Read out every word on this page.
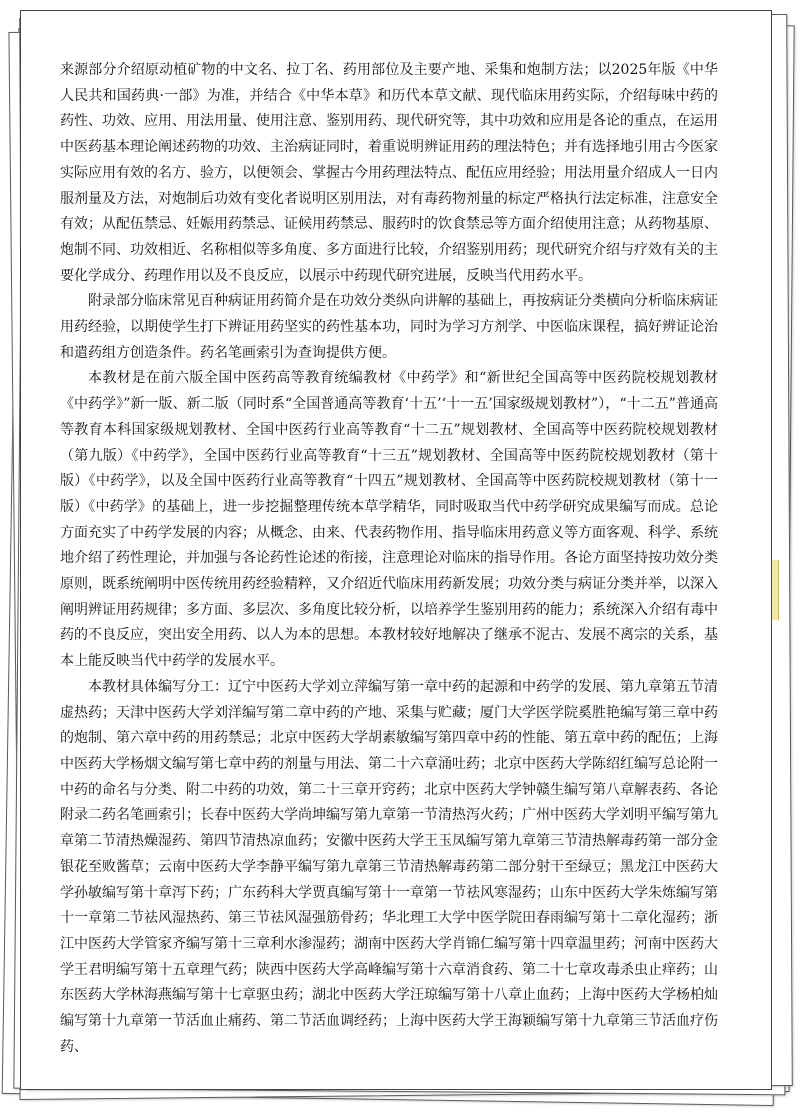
来源部分介绍原动植矿物的中文名、拉丁名、药用部位及主要产地、采集和炮制方法；以2025年版《中华人民共和国药典·一部》为准，并结合《中华本草》和历代本草文献、现代临床用药实际，介绍每味中药的药性、功效、应用、用法用量、使用注意、鉴别用药、现代研究等，其中功效和应用是各论的重点，在运用中医药基本理论阐述药物的功效、主治病证同时，着重说明辨证用药的理法特色；并有选择地引用古今医家实际应用有效的名方、验方，以便领会、掌握古今用药理法特点、配伍应用经验；用法用量介绍成人一日内服剂量及方法，对炮制后功效有变化者说明区别用法，对有毒药物剂量的标定严格执行法定标准，注意安全有效；从配伍禁忌、妊娠用药禁忌、证候用药禁忌、服药时的饮食禁忌等方面介绍使用注意；从药物基原、炮制不同、功效相近、名称相似等多角度、多方面进行比较，介绍鉴别用药；现代研究介绍与疗效有关的主要化学成分、药理作用以及不良反应，以展示中药现代研究进展，反映当代用药水平。

附录部分临床常见百种病证用药简介是在功效分类纵向讲解的基础上，再按病证分类横向分析临床病证用药经验，以期使学生打下辨证用药坚实的药性基本功，同时为学习方剂学、中医临床课程，搞好辨证论治和遣药组方创造条件。药名笔画索引为查询提供方便。

本教材是在前六版全国中医药高等教育统编教材《中药学》和“新世纪全国高等中医药院校规划教材《中药学》”新一版、新二版（同时系“全国普通高等教育‘十五’‘十一五’国家级规划教材”），“十二五”普通高等教育本科国家级规划教材、全国中医药行业高等教育“十二五”规划教材、全国高等中医药院校规划教材（第九版）《中药学》，全国中医药行业高等教育“十三五”规划教材、全国高等中医药院校规划教材（第十版）《中药学》，以及全国中医药行业高等教育“十四五”规划教材、全国高等中医药院校规划教材（第十一版）《中药学》的基础上，进一步挖掘整理传统本草学精华，同时吸取当代中药学研究成果编写而成。总论方面充实了中药学发展的内容；从概念、由来、代表药物作用、指导临床用药意义等方面客观、科学、系统地介绍了药性理论，并加强与各论药性论述的衔接，注意理论对临床的指导作用。各论方面坚持按功效分类原则，既系统阐明中医传统用药经验精粹，又介绍近代临床用药新发展；功效分类与病证分类并举，以深入阐明辨证用药规律；多方面、多层次、多角度比较分析，以培养学生鉴别用药的能力；系统深入介绍有毒中药的不良反应，突出安全用药、以人为本的思想。本教材较好地解决了继承不泥古、发展不离宗的关系，基本上能反映当代中药学的发展水平。

本教材具体编写分工：辽宁中医药大学刘立萍编写第一章中药的起源和中药学的发展、第九章第五节清虚热药；天津中医药大学刘洋编写第二章中药的产地、采集与贮藏；厦门大学医学院奚胜艳编写第三章中药的炮制、第六章中药的用药禁忌；北京中医药大学胡素敏编写第四章中药的性能、第五章中药的配伍；上海中医药大学杨烟文编写第七章中药的剂量与用法、第二十六章涌吐药；北京中医药大学陈绍红编写总论附一中药的命名与分类、附二中药的功效，第二十三章开窍药；北京中医药大学钟赣生编写第八章解表药、各论附录二药名笔画索引；长春中医药大学尚坤编写第九章第一节清热泻火药；广州中医药大学刘明平编写第九章第二节清热燥湿药、第四节清热凉血药；安徽中医药大学王玉凤编写第九章第三节清热解毒药第一部分金银花至败酱草；云南中医药大学李静平编写第九章第三节清热解毒药第二部分射干至绿豆；黑龙江中医药大学孙敏编写第十章泻下药；广东药科大学贾真编写第十一章第一节祛风寒湿药；山东中医药大学朱炼编写第十一章第二节祛风湿热药、第三节祛风湿强筋骨药；华北理工大学中医学院田春雨编写第十二章化湿药；浙江中医药大学管家齐编写第十三章利水渗湿药；湖南中医药大学肖锦仁编写第十四章温里药；河南中医药大学王君明编写第十五章理气药；陕西中医药大学高峰编写第十六章消食药、第二十七章攻毒杀虫止痒药；山东医药大学林海燕编写第十七章驱虫药；湖北中医药大学汪琼编写第十八章止血药；上海中医药大学杨柏灿编写第十九章第一节活血止痛药、第二节活血调经药；上海中医药大学王海颖编写第十九章第三节活血疗伤药、
